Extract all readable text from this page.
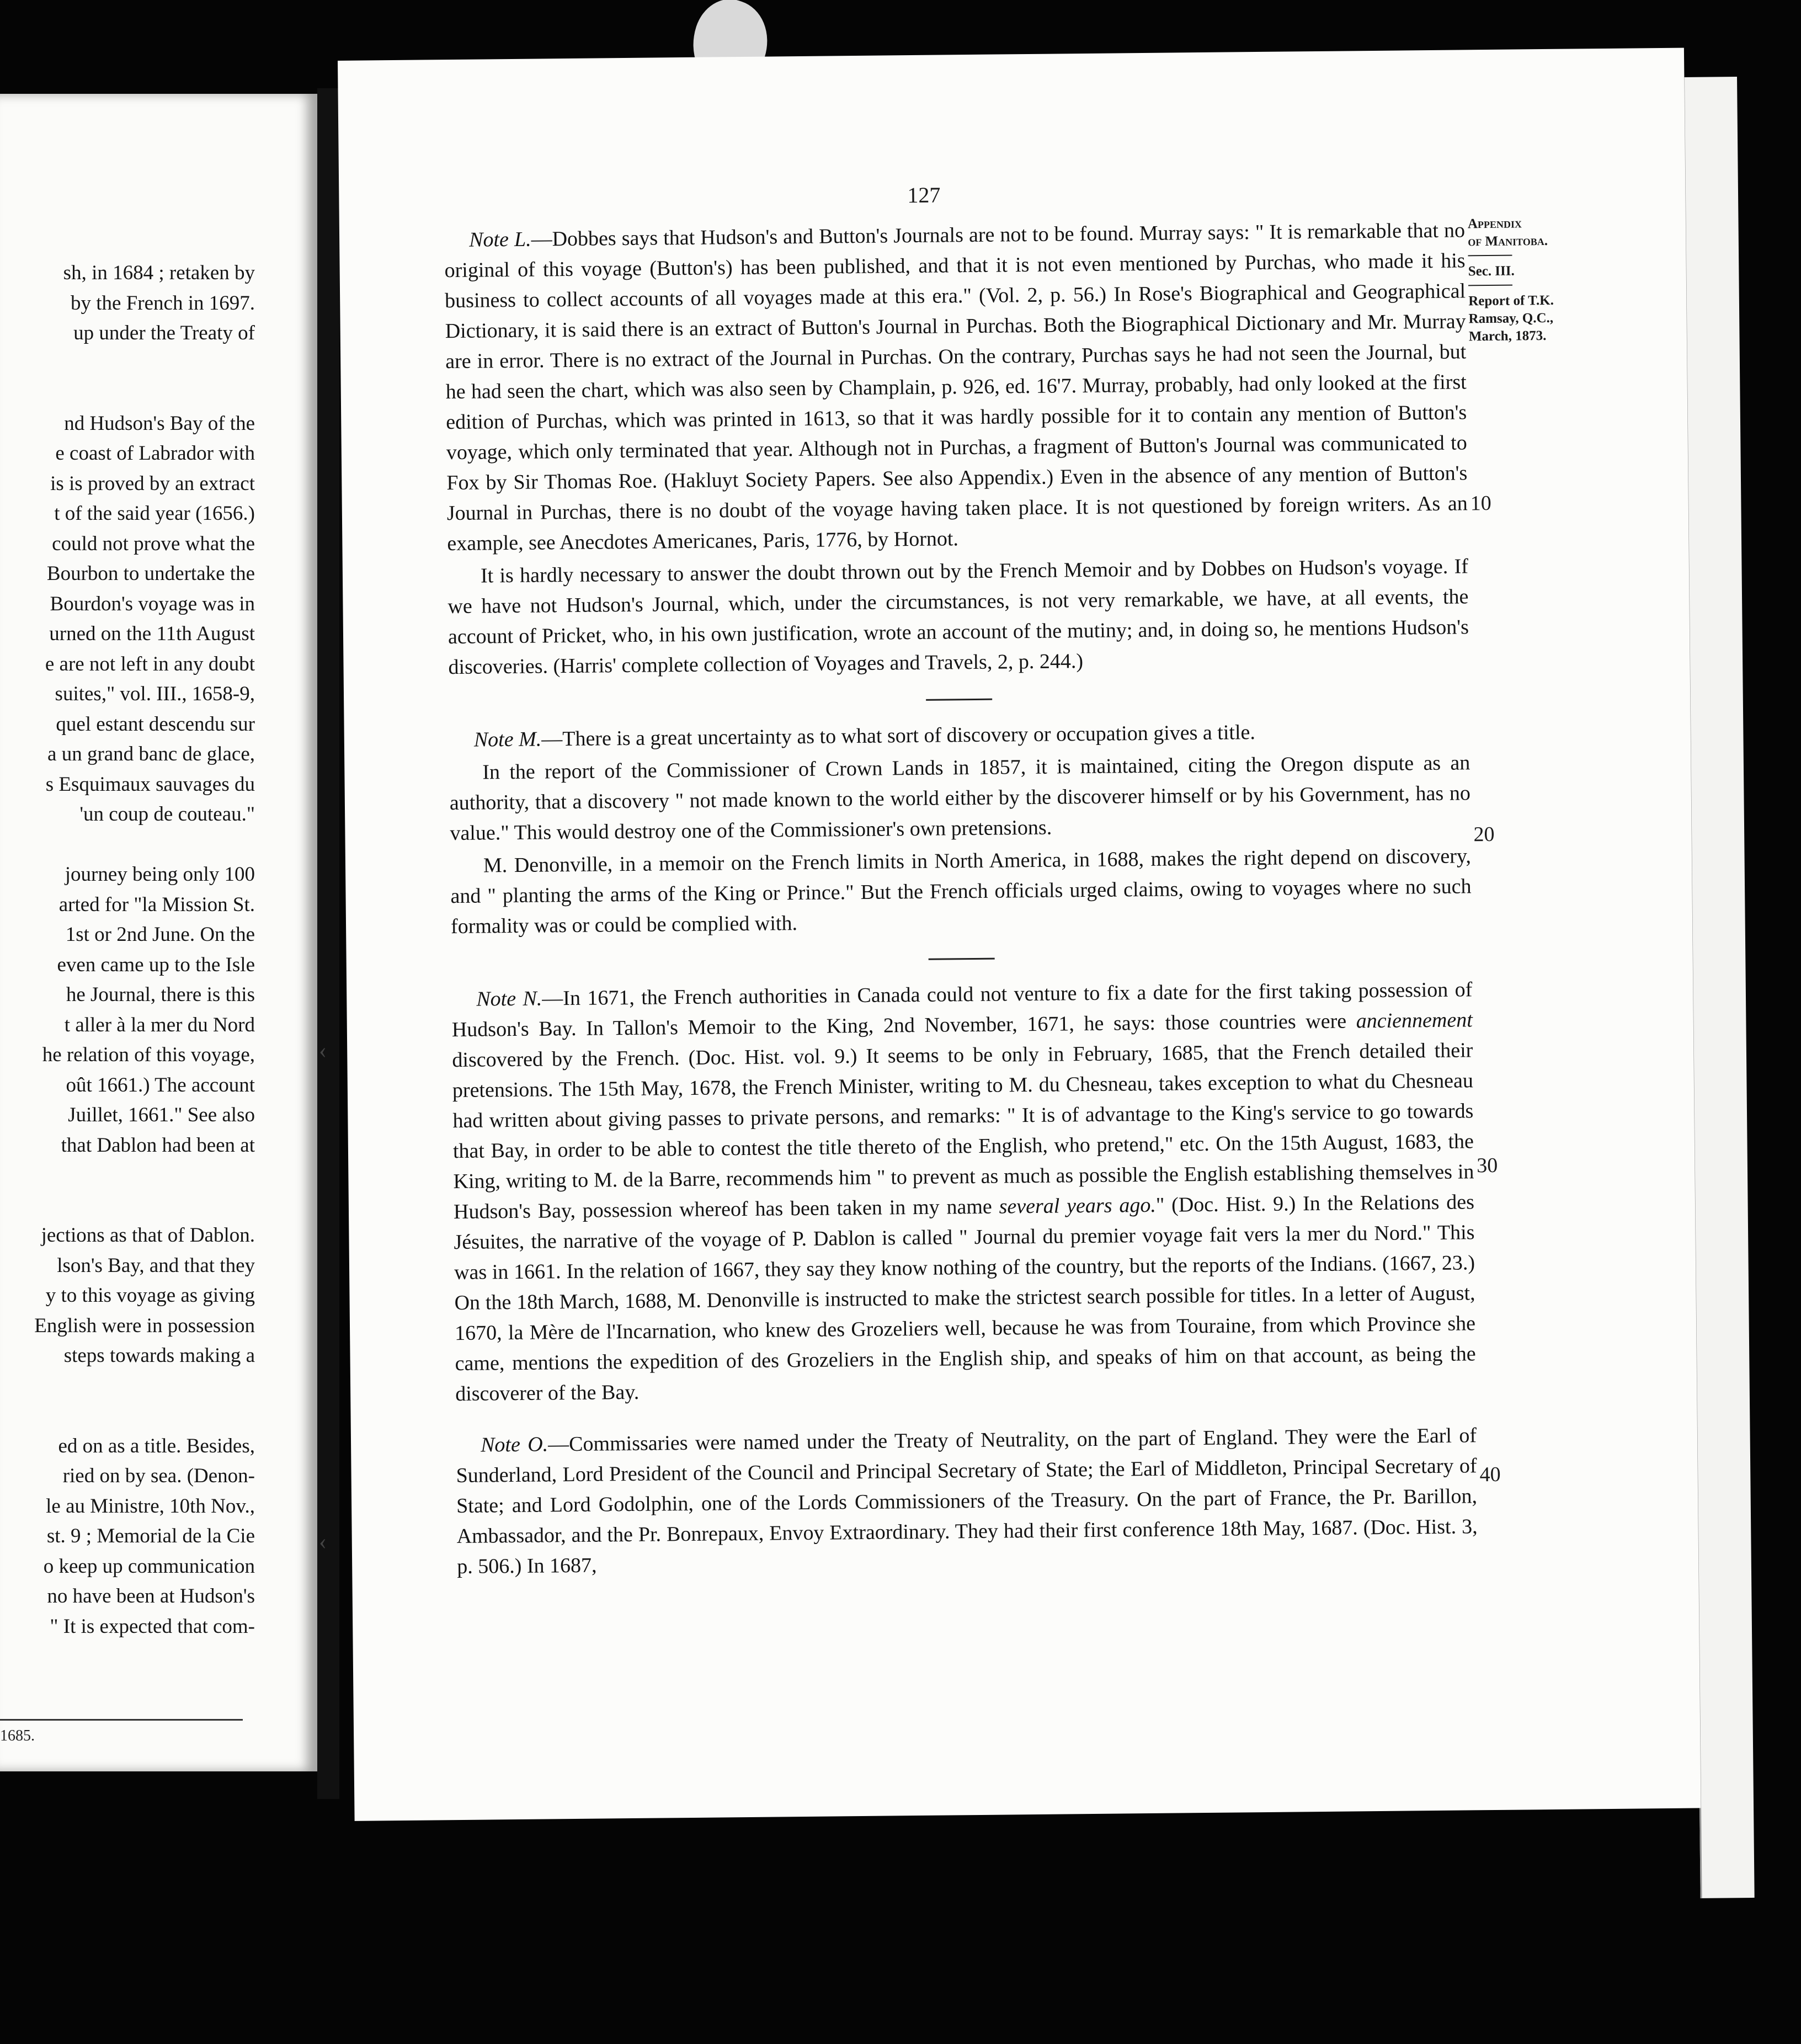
sh, in 1684 ; retaken by
by the French in 1697.
up under the Treaty of
nd Hudson's Bay of the
e coast of Labrador with
is is proved by an extract
t of the said year (1656.)
could not prove what the
Bourbon to undertake the
Bourdon's voyage was in
urned on the 11th August
e are not left in any doubt
suites," vol. III., 1658-9,
quel estant descendu sur
a un grand banc de glace,
s Esquimaux sauvages du
'un coup de couteau."
journey being only 100
arted for "la Mission St.
1st or 2nd June. On the
even came up to the Isle
he Journal, there is this
t aller à la mer du Nord
he relation of this voyage,
oût 1661.) The account
Juillet, 1661." See also
that Dablon had been at
jections as that of Dablon.
lson's Bay, and that they
y to this voyage as giving
English were in possession
steps towards making a
ed on as a title. Besides,
ried on by sea. (Denon-
le au Ministre, 10th Nov.,
st. 9 ; Memorial de la Cie
o keep up communication
no have been at Hudson's
" It is expected that com-
1685.
127

Note L.—Dobbes says that Hudson's and Button's Journals are not to be found. Murray says: " It is remarkable that no original of this voyage (Button's) has been published, and that it is not even mentioned by Purchas, who made it his business to collect accounts of all voyages made at this era." (Vol. 2, p. 56.) In Rose's Biographical and Geographical Dictionary, it is said there is an extract of Button's Journal in Purchas. Both the Biographical Dictionary and Mr. Murray are in error. There is no extract of the Journal in Purchas. On the contrary, Purchas says he had not seen the Journal, but he had seen the chart, which was also seen by Champlain, p. 926, ed. 16'7. Murray, probably, had only looked at the first edition of Purchas, which was printed in 1613, so that it was hardly possible for it to contain any mention of Button's voyage, which only terminated that year. Although not in Purchas, a fragment of Button's Journal was communicated to Fox by Sir Thomas Roe. (Hakluyt Society Papers. See also Appendix.) Even in the absence of any mention of Button's Journal in Purchas, there is no doubt of the voyage having taken place. It is not questioned by foreign writers. As an example, see Anecdotes Americanes, Paris, 1776, by Hornot.

It is hardly necessary to answer the doubt thrown out by the French Memoir and by Dobbes on Hudson's voyage. If we have not Hudson's Journal, which, under the circumstances, is not very remarkable, we have, at all events, the account of Pricket, who, in his own justification, wrote an account of the mutiny; and, in doing so, he mentions Hudson's discoveries. (Harris' complete collection of Voyages and Travels, 2, p. 244.)

Note M.—There is a great uncertainty as to what sort of discovery or occupation gives a title.

In the report of the Commissioner of Crown Lands in 1857, it is maintained, citing the Oregon dispute as an authority, that a discovery " not made known to the world either by the discoverer himself or by his Government, has no value." This would destroy one of the Commissioner's own pretensions.

M. Denonville, in a memoir on the French limits in North America, in 1688, makes the right depend on discovery, and " planting the arms of the King or Prince." But the French officials urged claims, owing to voyages where no such formality was or could be complied with.

Note N.—In 1671, the French authorities in Canada could not venture to fix a date for the first taking possession of Hudson's Bay. In Tallon's Memoir to the King, 2nd November, 1671, he says: those countries were anciennement discovered by the French. (Doc. Hist. vol. 9.) It seems to be only in February, 1685, that the French detailed their pretensions. The 15th May, 1678, the French Minister, writing to M. du Chesneau, takes exception to what du Chesneau had written about giving passes to private persons, and remarks: " It is of advantage to the King's service to go towards that Bay, in order to be able to contest the title thereto of the English, who pretend," etc. On the 15th August, 1683, the King, writing to M. de la Barre, recommends him " to prevent as much as possible the English establishing themselves in Hudson's Bay, possession whereof has been taken in my name several years ago." (Doc. Hist. 9.) In the Relations des Jésuites, the narrative of the voyage of P. Dablon is called " Journal du premier voyage fait vers la mer du Nord." This was in 1661. In the relation of 1667, they say they know nothing of the country, but the reports of the Indians. (1667, 23.) On the 18th March, 1688, M. Denonville is instructed to make the strictest search possible for titles. In a letter of August, 1670, la Mère de l'Incarnation, who knew des Grozeliers well, because he was from Touraine, from which Province she came, mentions the expedition of des Grozeliers in the English ship, and speaks of him on that account, as being the discoverer of the Bay.

Note O.—Commissaries were named under the Treaty of Neutrality, on the part of England. They were the Earl of Sunderland, Lord President of the Council and Principal Secretary of State; the Earl of Middleton, Principal Secretary of State; and Lord Godolphin, one of the Lords Commissioners of the Treasury. On the part of France, the Pr. Barillon, Ambassador, and the Pr. Bonrepaux, Envoy Extraordinary. They had their first conference 18th May, 1687. (Doc. Hist. 3, p. 506.) In 1687,

Appendix
of Manitoba.
Sec. III.
Report of T.K.
Ramsay, Q.C.,
March, 1873.
10
20
30
40
‹
‹
